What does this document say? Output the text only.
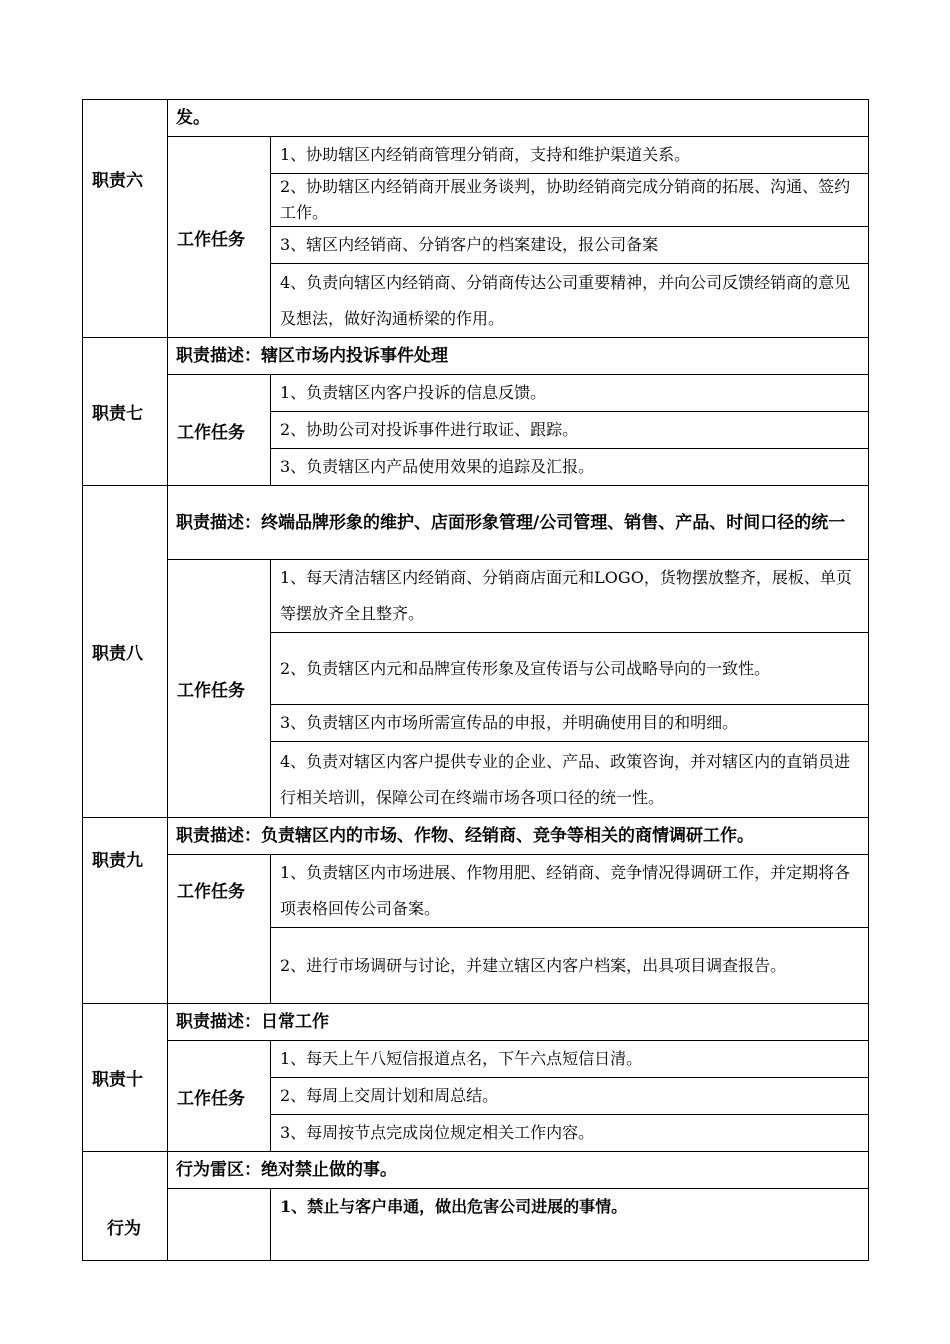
职责六	发。	
	工作任务	1、协助辖区内经销商管理分销商，支持和维护渠道关系。
		2、协助辖区内经销商开展业务谈判，协助经销商完成分销商的拓展、沟通、签约工作。
		3、辖区内经销商、分销客户的档案建设，报公司备案
		4、负责向辖区内经销商、分销商传达公司重要精神，并向公司反馈经销商的意见及想法，做好沟通桥梁的作用。
职责七	职责描述：辖区市场内投诉事件处理	
	工作任务	1、负责辖区内客户投诉的信息反馈。
		2、协助公司对投诉事件进行取证、跟踪。
		3、负责辖区内产品使用效果的追踪及汇报。
职责八	职责描述：终端品牌形象的维护、店面形象管理/公司管理、销售、产品、时间口径的统一	
	工作任务	1、每天清洁辖区内经销商、分销商店面元和LOGO，货物摆放整齐，展板、单页等摆放齐全且整齐。
		2、负责辖区内元和品牌宣传形象及宣传语与公司战略导向的一致性。
		3、负责辖区内市场所需宣传品的申报，并明确使用目的和明细。
		4、负责对辖区内客户提供专业的企业、产品、政策咨询，并对辖区内的直销员进行相关培训，保障公司在终端市场各项口径的统一性。
职责九	职责描述：负责辖区内的市场、作物、经销商、竞争等相关的商情调研工作。	
	工作任务	1、负责辖区内市场进展、作物用肥、经销商、竞争情况得调研工作，并定期将各项表格回传公司备案。
		2、进行市场调研与讨论，并建立辖区内客户档案，出具项目调查报告。
职责十	职责描述：日常工作	
	工作任务	1、每天上午八短信报道点名，下午六点短信日清。
		2、每周上交周计划和周总结。
		3、每周按节点完成岗位规定相关工作内容。
行为	行为雷区：绝对禁止做的事。	
		1、禁止与客户串通，做出危害公司进展的事情。
